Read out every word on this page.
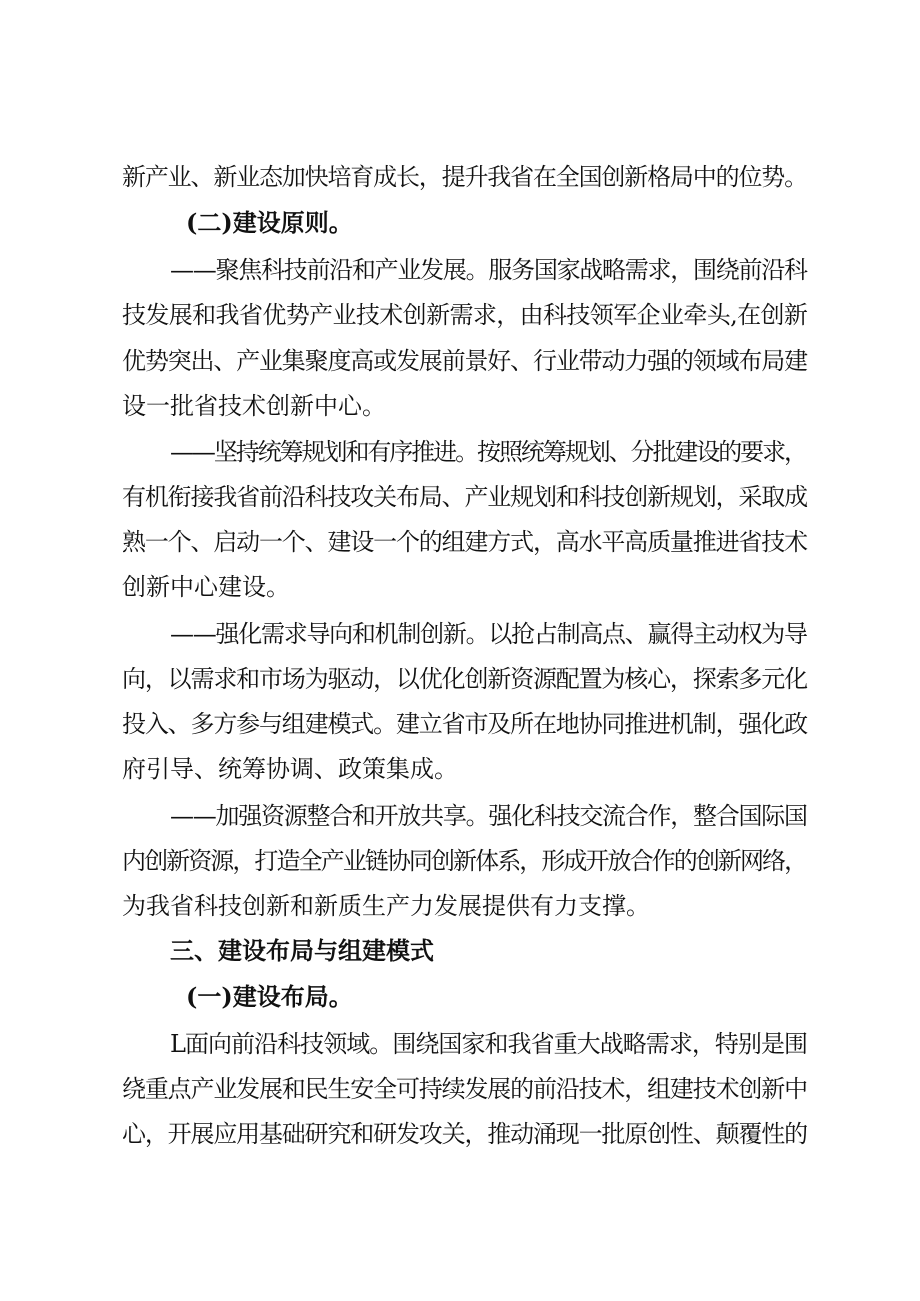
新产业、新业态加快培育成长，提升我省在全国创新格局中的位势。
(二)建设原则。
——聚焦科技前沿和产业发展。服务国家战略需求，围绕前沿科
技发展和我省优势产业技术创新需求，由科技领军企业牵头,在创新
优势突出、产业集聚度高或发展前景好、行业带动力强的领域布局建
设一批省技术创新中心。
——坚持统筹规划和有序推进。按照统筹规划、分批建设的要求，
有机衔接我省前沿科技攻关布局、产业规划和科技创新规划，采取成
熟一个、启动一个、建设一个的组建方式，高水平高质量推进省技术
创新中心建设。
——强化需求导向和机制创新。以抢占制高点、赢得主动权为导
向，以需求和市场为驱动，以优化创新资源配置为核心，探索多元化
投入、多方参与组建模式。建立省市及所在地协同推进机制，强化政
府引导、统筹协调、政策集成。
——加强资源整合和开放共享。强化科技交流合作，整合国际国
内创新资源，打造全产业链协同创新体系，形成开放合作的创新网络，
为我省科技创新和新质生产力发展提供有力支撑。
三、建设布局与组建模式
(一)建设布局。
L面向前沿科技领域。围绕国家和我省重大战略需求，特别是围
绕重点产业发展和民生安全可持续发展的前沿技术，组建技术创新中
心，开展应用基础研究和研发攻关，推动涌现一批原创性、颠覆性的
